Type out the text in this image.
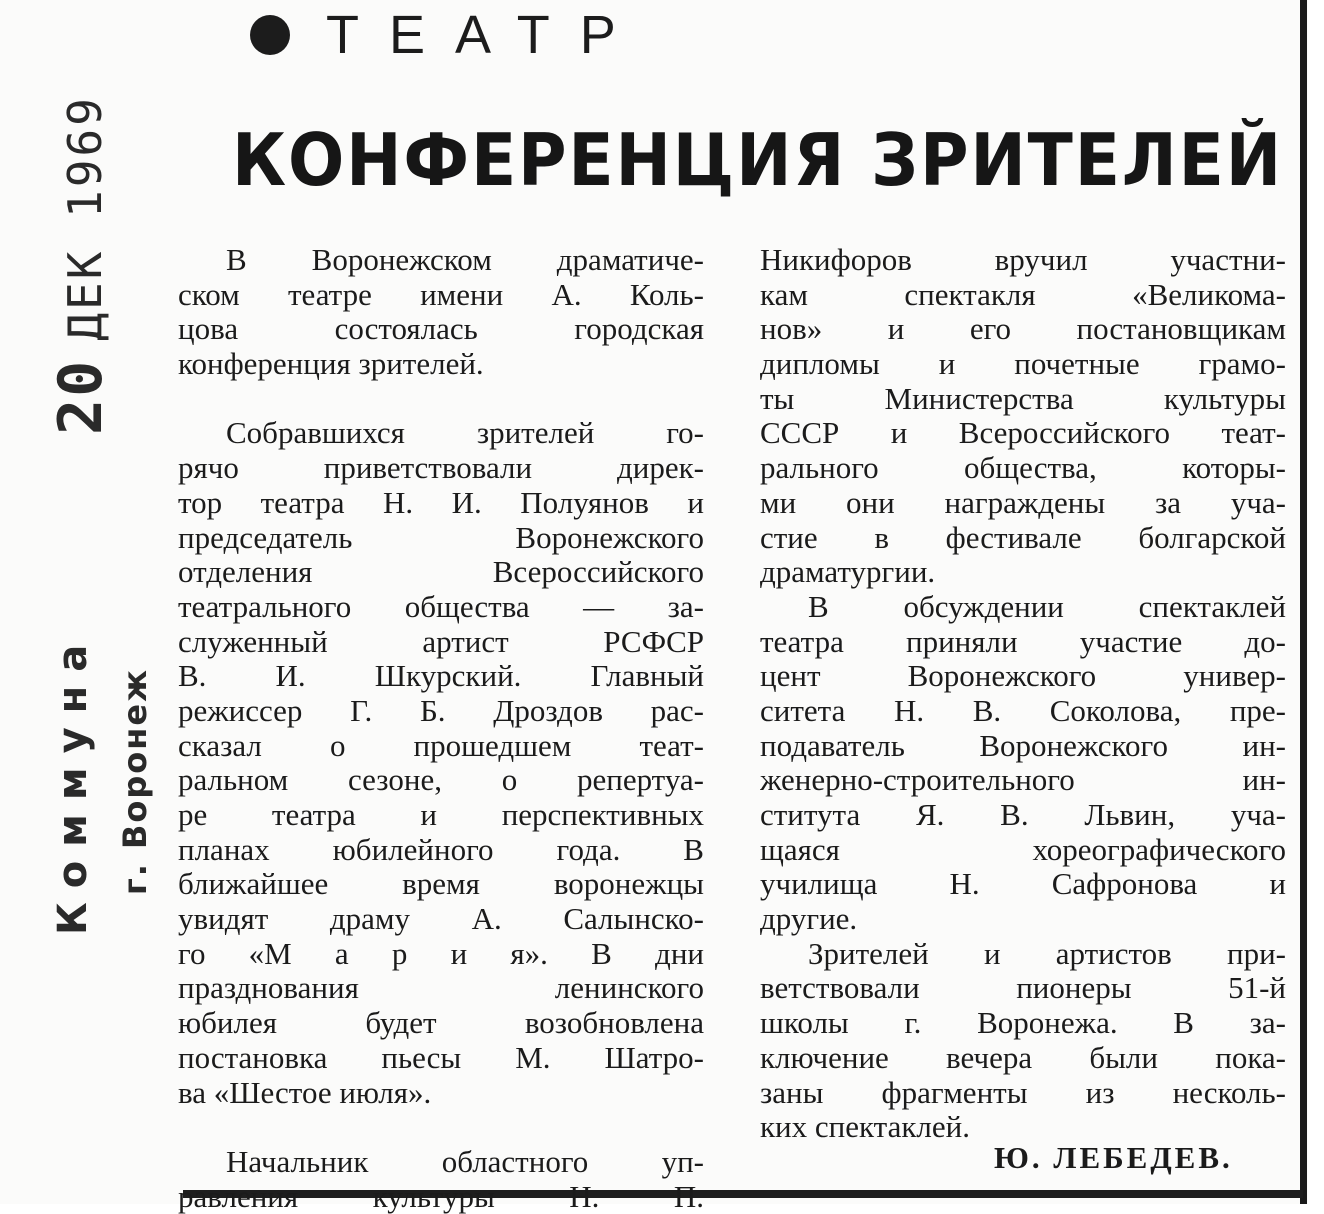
20ДЕК 1969
Коммуна г. Воронеж
ТЕАТР
КОНФЕРЕНЦИЯ ЗРИТЕЛЕЙ
В Воронежском драматиче-
ском театре имени А. Коль-
цова состоялась городская
конференция зрителей.

Собравшихся зрителей го-
рячо приветствовали дирек-
тор театра Н. И. Полуянов и
председатель Воронежского
отделения Всероссийского
театрального общества — за-
служенный артист РСФСР
В. И. Шкурский. Главный
режиссер Г. Б. Дроздов рас-
сказал о прошедшем теат-
ральном сезоне, о репертуа-
ре театра и перспективных
планах юбилейного года. В
ближайшее время воронежцы
увидят драму А. Салынско-
го «М а р и я». В дни
празднования ленинского
юбилея будет возобновлена
постановка пьесы М. Шатро-
ва «Шестое июля».

Начальник областного уп-
равления культуры Н. П.
Никифоров вручил участни-
кам спектакля «Великома-
нов» и его постановщикам
дипломы и почетные грамо-
ты Министерства культуры
СССР и Всероссийского теат-
рального общества, которы-
ми они награждены за уча-
стие в фестивале болгарской
драматургии.
В обсуждении спектаклей
театра приняли участие до-
цент Воронежского универ-
ситета Н. В. Соколова, пре-
подаватель Воронежского ин-
женерно-строительного ин-
ститута Я. В. Львин, уча-
щаяся хореографического
училища Н. Сафронова и
другие.
Зрителей и артистов при-
ветствовали пионеры 51-й
школы г. Воронежа. В за-
ключение вечера были пока-
заны фрагменты из несколь-
ких спектаклей.
Ю. ЛЕБЕДЕВ.
